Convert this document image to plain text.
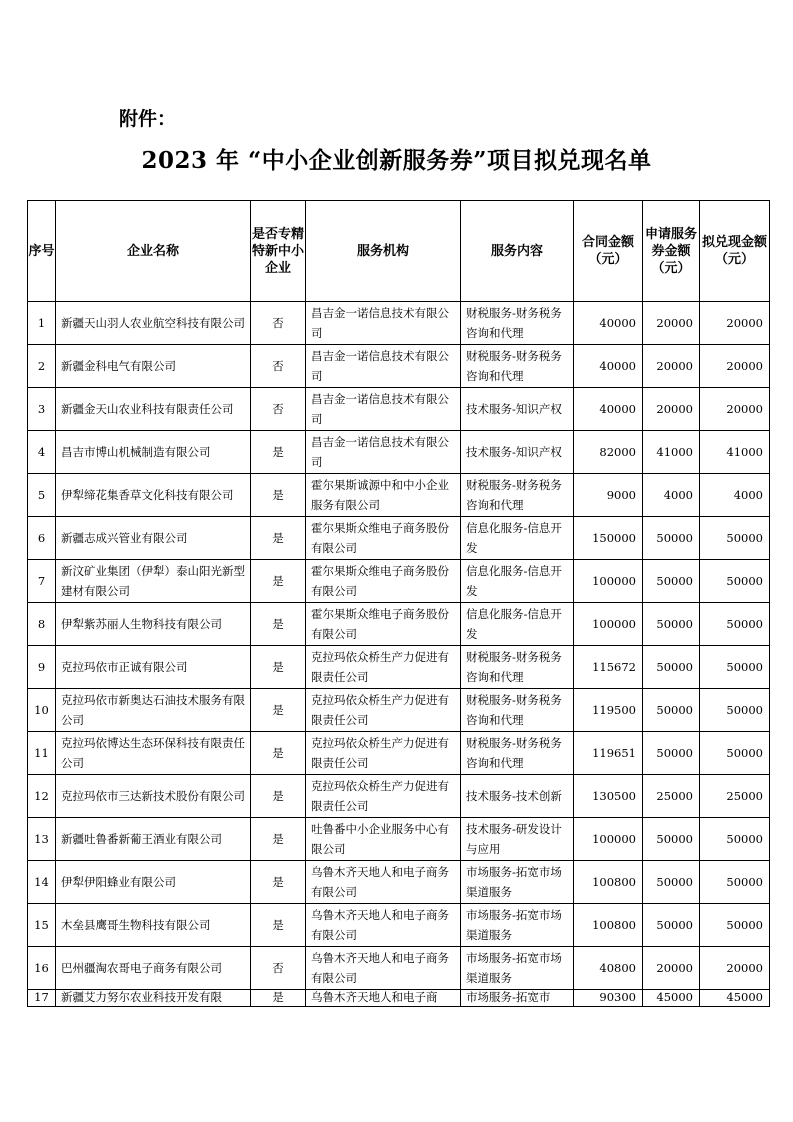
附件：
2023 年 “中小企业创新服务券”项目拟兑现名单
序号	企业名称	是否专精特新中小企业	服务机构	服务内容	合同金额（元）	申请服务券金额（元）	拟兑现金额（元）
1	新疆天山羽人农业航空科技有限公司	否	昌吉金一诺信息技术有限公司	财税服务-财务税务咨询和代理	40000	20000	20000
2	新疆金科电气有限公司	否	昌吉金一诺信息技术有限公司	财税服务-财务税务咨询和代理	40000	20000	20000
3	新疆金天山农业科技有限责任公司	否	昌吉金一诺信息技术有限公司	技术服务-知识产权	40000	20000	20000
4	昌吉市博山机械制造有限公司	是	昌吉金一诺信息技术有限公司	技术服务-知识产权	82000	41000	41000
5	伊犁缔花集香草文化科技有限公司	是	霍尔果斯诚源中和中小企业服务有限公司	财税服务-财务税务咨询和代理	9000	4000	4000
6	新疆志成兴管业有限公司	是	霍尔果斯众维电子商务股份有限公司	信息化服务-信息开发	150000	50000	50000
7	新汶矿业集团（伊犁）泰山阳光新型建材有限公司	是	霍尔果斯众维电子商务股份有限公司	信息化服务-信息开发	100000	50000	50000
8	伊犁紫苏丽人生物科技有限公司	是	霍尔果斯众维电子商务股份有限公司	信息化服务-信息开发	100000	50000	50000
9	克拉玛依市正诚有限公司	是	克拉玛依众桥生产力促进有限责任公司	财税服务-财务税务咨询和代理	115672	50000	50000
10	克拉玛依市新奥达石油技术服务有限公司	是	克拉玛依众桥生产力促进有限责任公司	财税服务-财务税务咨询和代理	119500	50000	50000
11	克拉玛依博达生态环保科技有限责任公司	是	克拉玛依众桥生产力促进有限责任公司	财税服务-财务税务咨询和代理	119651	50000	50000
12	克拉玛依市三达新技术股份有限公司	是	克拉玛依众桥生产力促进有限责任公司	技术服务-技术创新	130500	25000	25000
13	新疆吐鲁番新葡王酒业有限公司	是	吐鲁番中小企业服务中心有限公司	技术服务-研发设计与应用	100000	50000	50000
14	伊犁伊阳蜂业有限公司	是	乌鲁木齐天地人和电子商务有限公司	市场服务-拓宽市场渠道服务	100800	50000	50000
15	木垒县鹰哥生物科技有限公司	是	乌鲁木齐天地人和电子商务有限公司	市场服务-拓宽市场渠道服务	100800	50000	50000
16	巴州疆淘农哥电子商务有限公司	否	乌鲁木齐天地人和电子商务有限公司	市场服务-拓宽市场渠道服务	40800	20000	20000
17	新疆艾力努尔农业科技开发有限	是	乌鲁木齐天地人和电子商	市场服务-拓宽市	90300	45000	45000
